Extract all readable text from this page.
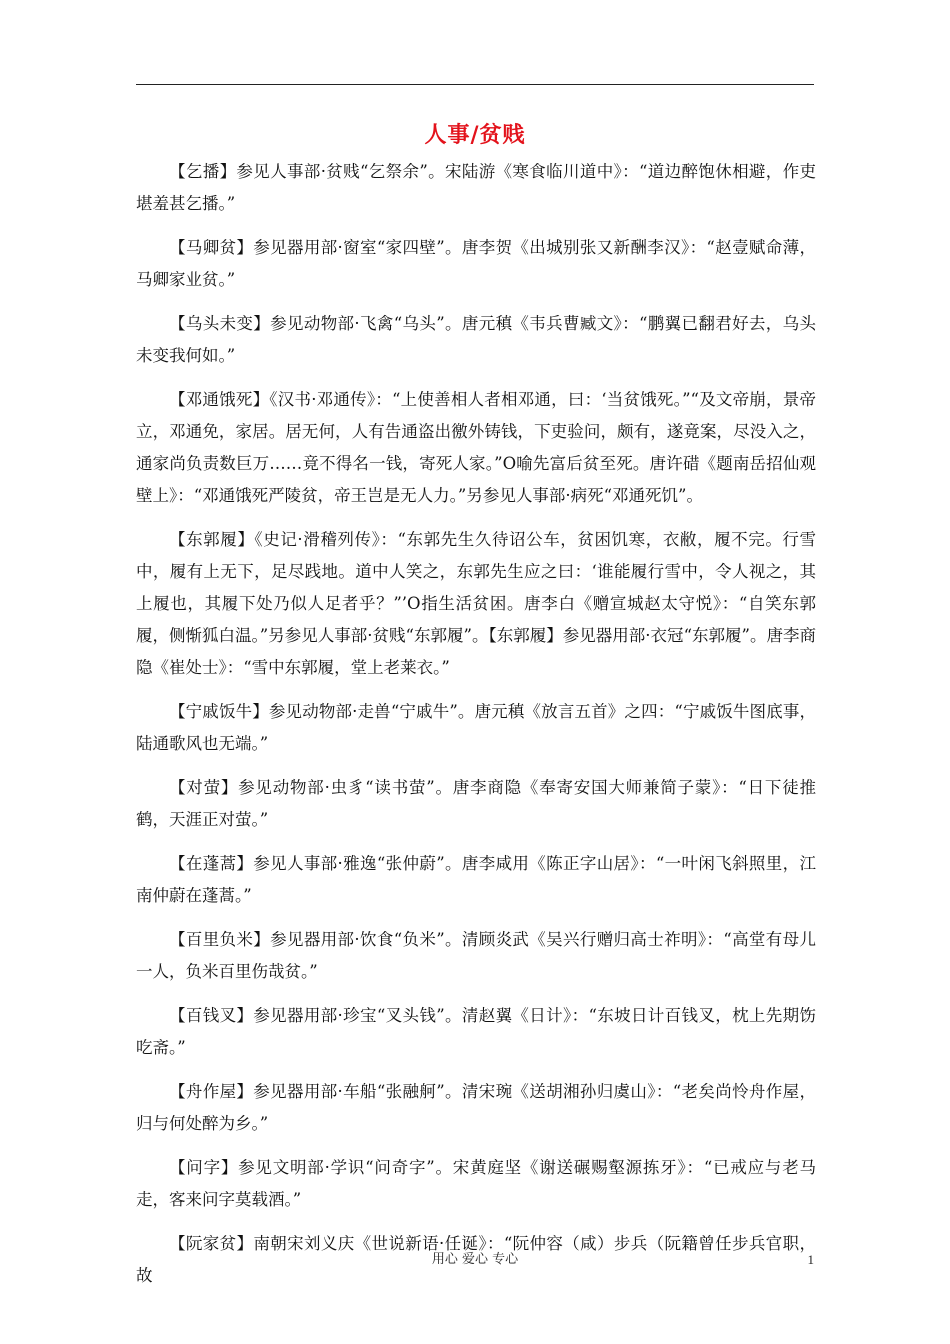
人事/贫贱

【乞播】参见人事部·贫贱“乞祭余”。宋陆游《寒食临川道中》：“道边醉饱休相避，作吏堪羞甚乞播。”

【马卿贫】参见器用部·窗室“家四壁”。唐李贺《出城别张又新酬李汉》：“赵壹赋命薄，马卿家业贫。”

【乌头未变】参见动物部·飞禽“乌头”。唐元稹《韦兵曹臧文》：“鹏翼已翻君好去，乌头未变我何如。”

【邓通饿死】《汉书·邓通传》：“上使善相人者相邓通，曰：‘当贫饿死。”“及文帝崩，景帝立，邓通免，家居。居无何，人有告通盗出徼外铸钱，下吏验问，颇有，遂竟案，尽没入之，通家尚负责数巨万……竟不得名一钱，寄死人家。”O喻先富后贫至死。唐许碏《题南岳招仙观壁上》：“邓通饿死严陵贫，帝王岂是无人力。”另参见人事部·病死“邓通死饥”。

【东郭履】《史记·滑稽列传》：“东郭先生久待诏公车，贫困饥寒，衣敝，履不完。行雪中，履有上无下，足尽践地。道中人笑之，东郭先生应之曰：‘谁能履行雪中，令人视之，其上履也，其履下处乃似人足者乎？”’O指生活贫困。唐李白《赠宣城赵太守悦》：“自笑东郭履，侧惭狐白温。”另参见人事部·贫贱“东郭履”。【东郭履】参见器用部·衣冠“东郭履”。唐李商隐《崔处士》：“雪中东郭履，堂上老莱衣。”

【宁戚饭牛】参见动物部·走兽“宁戚牛”。唐元稹《放言五首》之四：“宁戚饭牛图底事，陆通歌风也无端。”

【对萤】参见动物部·虫豸“读书萤”。唐李商隐《奉寄安国大师兼简子蒙》：“日下徒推鹤，天涯正对萤。”

【在蓬蒿】参见人事部·雅逸“张仲蔚”。唐李咸用《陈正字山居》：“一叶闲飞斜照里，江南仲蔚在蓬蒿。”

【百里负米】参见器用部·饮食“负米”。清顾炎武《吴兴行赠归高士祚明》：“高堂有母儿一人，负米百里伤哉贫。”

【百钱叉】参见器用部·珍宝“叉头钱”。清赵翼《日计》：“东坡日计百钱叉，枕上先期饬吃斋。”

【舟作屋】参见器用部·车船“张融舸”。清宋琬《送胡湘孙归虞山》：“老矣尚怜舟作屋，归与何处醉为乡。”

【问字】参见文明部·学识“问奇字”。宋黄庭坚《谢送碾赐壑源拣牙》：“已戒应与老马走，客来问字莫载酒。”

【阮家贫】南朝宋刘义庆《世说新语·任诞》：“阮仲容（咸）步兵（阮籍曾任步兵官职，故

用心 爱心 专心	1
